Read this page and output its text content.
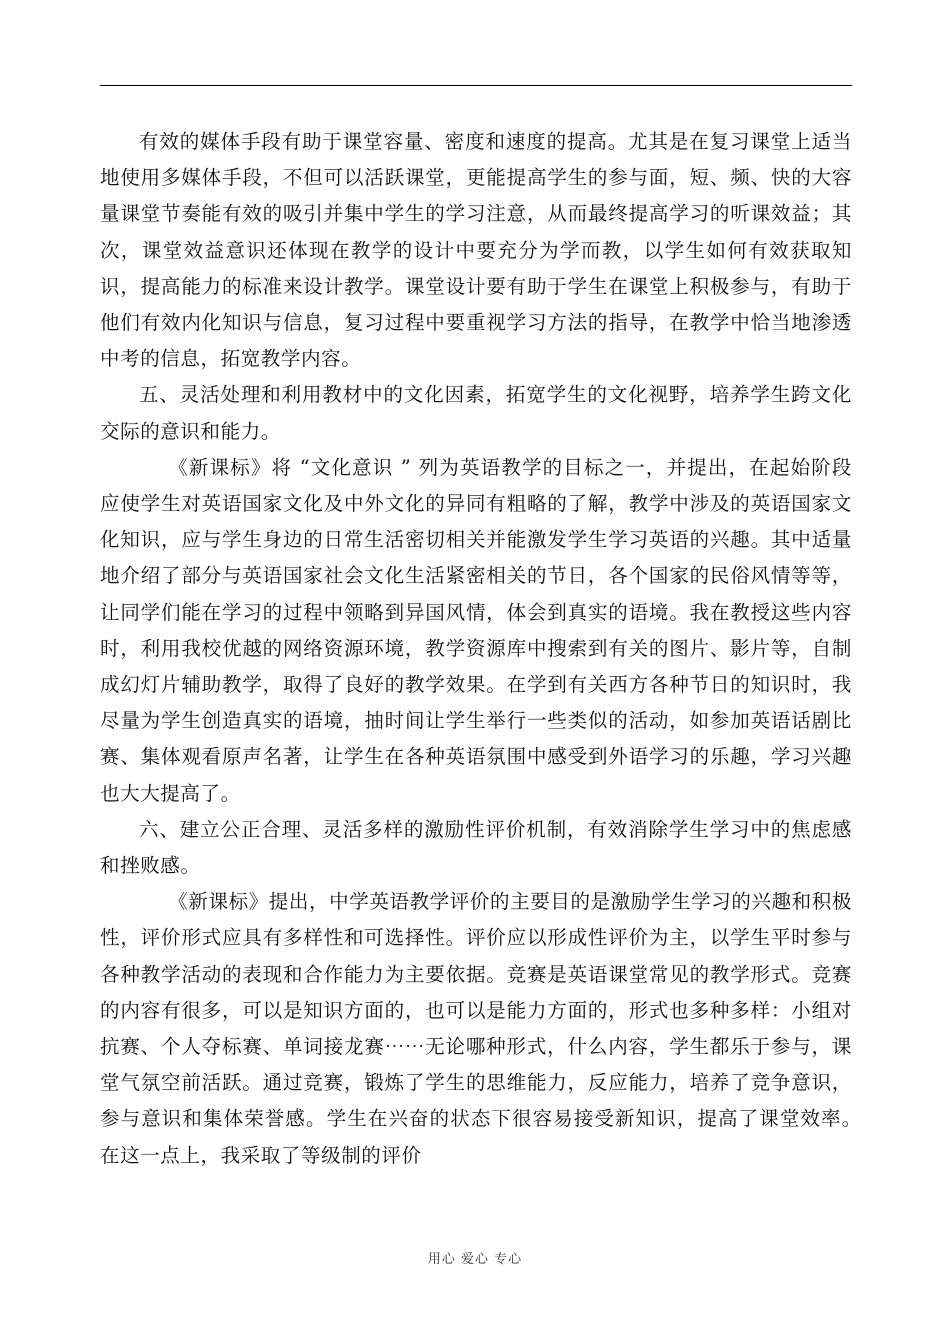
有效的媒体手段有助于课堂容量、密度和速度的提高。尤其是在复习课堂上适当地使用多媒体手段，不但可以活跃课堂，更能提高学生的参与面，短、频、快的大容量课堂节奏能有效的吸引并集中学生的学习注意，从而最终提高学习的听课效益；其次，课堂效益意识还体现在教学的设计中要充分为学而教，以学生如何有效获取知识，提高能力的标准来设计教学。课堂设计要有助于学生在课堂上积极参与，有助于他们有效内化知识与信息，复习过程中要重视学习方法的指导，在教学中恰当地渗透中考的信息，拓宽教学内容。

五、灵活处理和利用教材中的文化因素，拓宽学生的文化视野，培养学生跨文化交际的意识和能力。

《新课标》将 “文化意识 ” 列为英语教学的目标之一，并提出，在起始阶段应使学生对英语国家文化及中外文化的异同有粗略的了解，教学中涉及的英语国家文化知识，应与学生身边的日常生活密切相关并能激发学生学习英语的兴趣。其中适量地介绍了部分与英语国家社会文化生活紧密相关的节日，各个国家的民俗风情等等，让同学们能在学习的过程中领略到异国风情，体会到真实的语境。我在教授这些内容时，利用我校优越的网络资源环境，教学资源库中搜索到有关的图片、影片等，自制成幻灯片辅助教学，取得了良好的教学效果。在学到有关西方各种节日的知识时，我尽量为学生创造真实的语境，抽时间让学生举行一些类似的活动，如参加英语话剧比赛、集体观看原声名著，让学生在各种英语氛围中感受到外语学习的乐趣，学习兴趣也大大提高了。

六、建立公正合理、灵活多样的激励性评价机制，有效消除学生学习中的焦虑感和挫败感。

《新课标》提出，中学英语教学评价的主要目的是激励学生学习的兴趣和积极性，评价形式应具有多样性和可选择性。评价应以形成性评价为主，以学生平时参与各种教学活动的表现和合作能力为主要依据。竞赛是英语课堂常见的教学形式。竞赛的内容有很多，可以是知识方面的，也可以是能力方面的，形式也多种多样：小组对抗赛、个人夺标赛、单词接龙赛⋯⋯无论哪种形式，什么内容，学生都乐于参与，课堂气氛空前活跃。通过竞赛，锻炼了学生的思维能力，反应能力，培养了竞争意识，参与意识和集体荣誉感。学生在兴奋的状态下很容易接受新知识，提高了课堂效率。　在这一点上，我采取了等级制的评价

用心 爱心 专心
